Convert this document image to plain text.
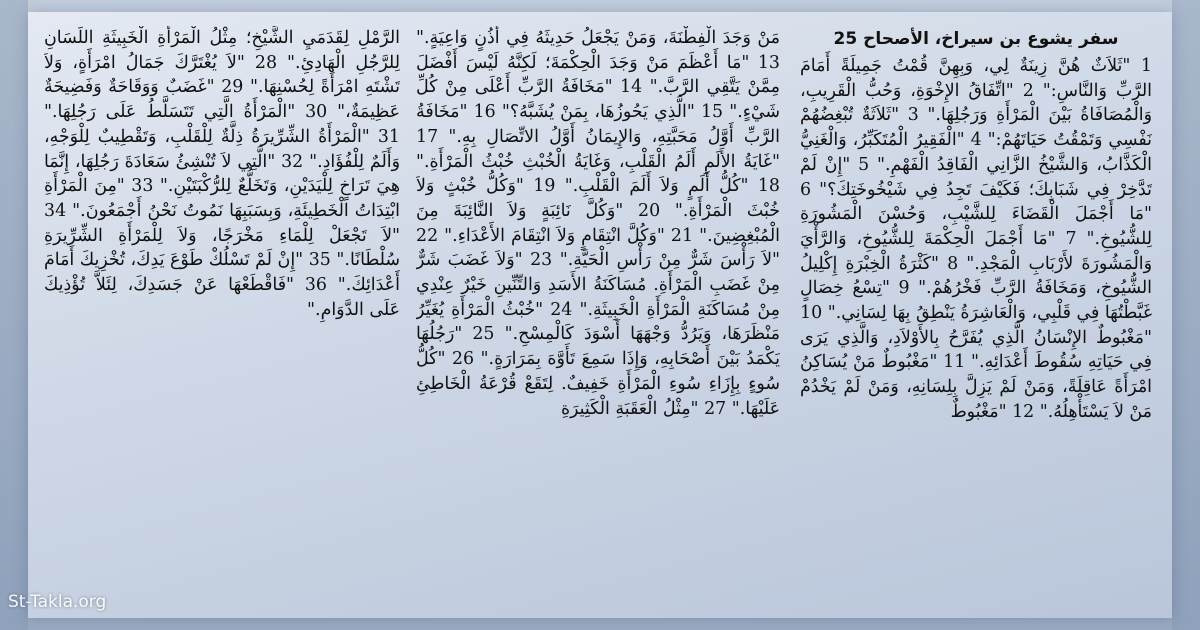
سفر يشوع بن سيراخ، الأصحاح 25
1 "ثَلاَثٌ هُنَّ زِينَةٌ لِي، وَبِهِنَّ قُمْتُ جَمِيلَةً أَمَامَ الرَّبِّ وَالنَّاسِ:" 2 "اتِّفَاقُ الإِخْوَةِ، وَحُبُّ الْقَرِيبِ، وَالْمُصَافَاةُ بَيْنَ الْمَرْأَةِ وَرَجُلِهَا." 3 "ثَلاَثَةٌ تُبْغِضُهُمْ نَفْسِي وَتَمْقُتُ حَيَاتَهُمْ:" 4 "الْفَقِيرُ الْمُتَكَبِّرُ، وَالْغَنِيُّ الْكَذَّابُ، وَالشَّيْخُ الزَّانِي الْفَاقِدُ الْفَهْمِ." 5 "إِنْ لَمْ تَدَّخِرْ فِي شَبَابِكَ؛ فَكَيْفَ تَجِدُ فِي شَيْخُوخَتِكَ؟" 6 "مَا أَجْمَلَ الْقَضَاءَ لِلشَّيْبِ، وَحُسْنَ الْمَشُورَةِ لِلشُّيُوخِ." 7 "مَا أَجْمَلَ الْحِكْمَةَ لِلشُّيُوخِ، وَالرَّأْيَ وَالْمَشُورَةَ لأَرْبَابِ الْمَجْدِ." 8 "كَثْرَةُ الْخِبْرَةِ إِكْلِيلُ الشُّيُوخِ، وَمَخَافَةُ الرَّبِّ فَخْرُهُمْ." 9 "تِسْعُ خِصَالٍ غَبَّطْتُهَا فِي قَلْبِي، وَالْعَاشِرَةُ يَنْطِقُ بِهَا لِسَانِي." 10 "مَغْبُوطٌ الإِنْسَانُ الَّذِي يُفَرَّحُ بِالأَوْلاَدِ، وَالَّذِي يَرَى فِي حَيَاتِهِ سُقُوطَ أَعْدَائِهِ." 11 "مَغْبُوطٌ مَنْ يُسَاكِنُ امْرَأَةً عَاقِلَةً، وَمَنْ لَمْ يَزِلَّ بِلِسَانِهِ، وَمَنْ لَمْ يَخْدُمْ مَنْ لاَ يَسْتَأْهِلُهُ." 12 "مَغْبُوطٌ
مَنْ وَجَدَ الْفِطْنَةَ، وَمَنْ يَجْعَلُ حَدِيثَهُ فِي أُذُنٍ وَاعِيَةٍ." 13 "مَا أَعْظَمَ مَنْ وَجَدَ الْحِكْمَةَ؛ لَكِنَّهُ لَيْسَ أَفْضَلَ مِمَّنْ يَتَّقِي الرَّبَّ." 14 "مَخَافَةُ الرَّبِّ أَعْلَى مِنْ كُلِّ شَيْءٍ." 15 "الَّذِي يَحُوزُهَا، بِمَنْ يُشَبَّهُ؟" 16 "مَخَافَةُ الرَّبِّ أَوَّلُ مَحَبَّتِهِ، وَالإِيمَانُ أَوَّلُ الاتِّصَالِ بِهِ." 17 "غَايَةُ الأَلَمِ أَلَمُ الْقَلْبِ، وَغَايَةُ الْخُبْثِ خُبْثُ الْمَرْأَةِ." 18 "كُلُّ أَلَمٍ وَلاَ أَلَمَ الْقَلْبِ." 19 "وَكُلُّ خُبْثٍ وَلاَ خُبْثَ الْمَرْأَةِ." 20 "وَكُلَّ نَائِبَةٍ وَلاَ النَّائِبَةَ مِنَ الْمُبْغِضِينَ." 21 "وَكُلَّ انْتِقَامٍ وَلاَ انْتِقَامَ الأَعْدَاءِ." 22 "لاَ رَأْسَ شَرٌّ مِنْ رَأْسِ الْحَيَّةِ." 23 "وَلاَ غَضَبَ شَرٌّ مِنْ غَضَبِ الْمَرْأَةِ. مُسَاكَنَةُ الأَسَدِ وَالتِّنِّينِ خَيْرٌ عِنْدِي مِنْ مُسَاكَنَةِ الْمَرْأَةِ الْخَبِيثَةِ." 24 "خُبْثُ الْمَرْأَةِ يُغَيِّرُ مَنْظَرَهَا، وَيَرُدُّ وَجْهَهَا أَسْوَدَ كَالْمِسْحِ." 25 "رَجُلُهَا يَكْمَدُ بَيْنَ أَصْحَابِهِ، وَإِذَا سَمِعَ تَأَوَّهَ بِمَرَارَةٍ." 26 "كُلُّ سُوءٍ بِإِزَاءِ سُوءِ الْمَرْأَةِ خَفِيفٌ. لِتَقَعْ قُرْعَةُ الْخَاطِئِ عَلَيْهَا." 27 "مِثْلُ الْعَقَبَةِ الْكَثِيرَةِ
الرَّمْلِ لِقَدَمَيِ الشَّيْخِ؛ مِثْلُ الْمَرْأَةِ الْخَبِيثَةِ اللِّسَانِ لِلرَّجُلِ الْهَادِئِ." 28 "لاَ يُغْتَرَّكَ جَمَالُ امْرَأَةٍ، وَلاَ تَشْتَهِ امْرَأَةً لِحُسْنِهَا." 29 "غَضَبٌ وَوَقَاحَةٌ وَفَضِيحَةٌ عَظِيمَةٌ،" 30 "الْمَرْأَةُ الَّتِي تَتَسَلَّطُ عَلَى رَجُلِهَا." 31 "الْمَرْأَةُ الشِّرِّيرَةُ ذِلَّةٌ لِلْقَلْبِ، وَتَقْطِيبٌ لِلْوَجْهِ، وَأَلَمٌ لِلْفُؤَادِ." 32 "الَّتِي لاَ تُنْشِئُ سَعَادَةَ رَجُلِهَا، إِنَّمَا هِيَ تَرَاخٍ لِلْيَدَيْنِ، وَتَخَلُّعٌ لِلرُّكْبَتَيْنِ." 33 "مِنَ الْمَرْأَةِ ابْتِدَاتُ الْخَطِيئَةِ، وَبِسَبَبِهَا نَمُوتُ نَحْنُ أَجْمَعُونَ." 34 "لاَ تَجْعَلْ لِلْمَاءِ مَخْرَجًا، وَلاَ لِلْمَرْأَةِ الشِّرِّيرَةِ سُلْطَانًا." 35 "إِنْ لَمْ تَسْلُكْ طَوْعَ يَدِكَ، تُخْزِيكَ أَمَامَ أَعْدَائِكَ." 36 "فَاقْطَعْهَا عَنْ جَسَدِكَ، لِئَلاَّ تُؤْذِيكَ عَلَى الدَّوَامِ."
St-Takla.org
